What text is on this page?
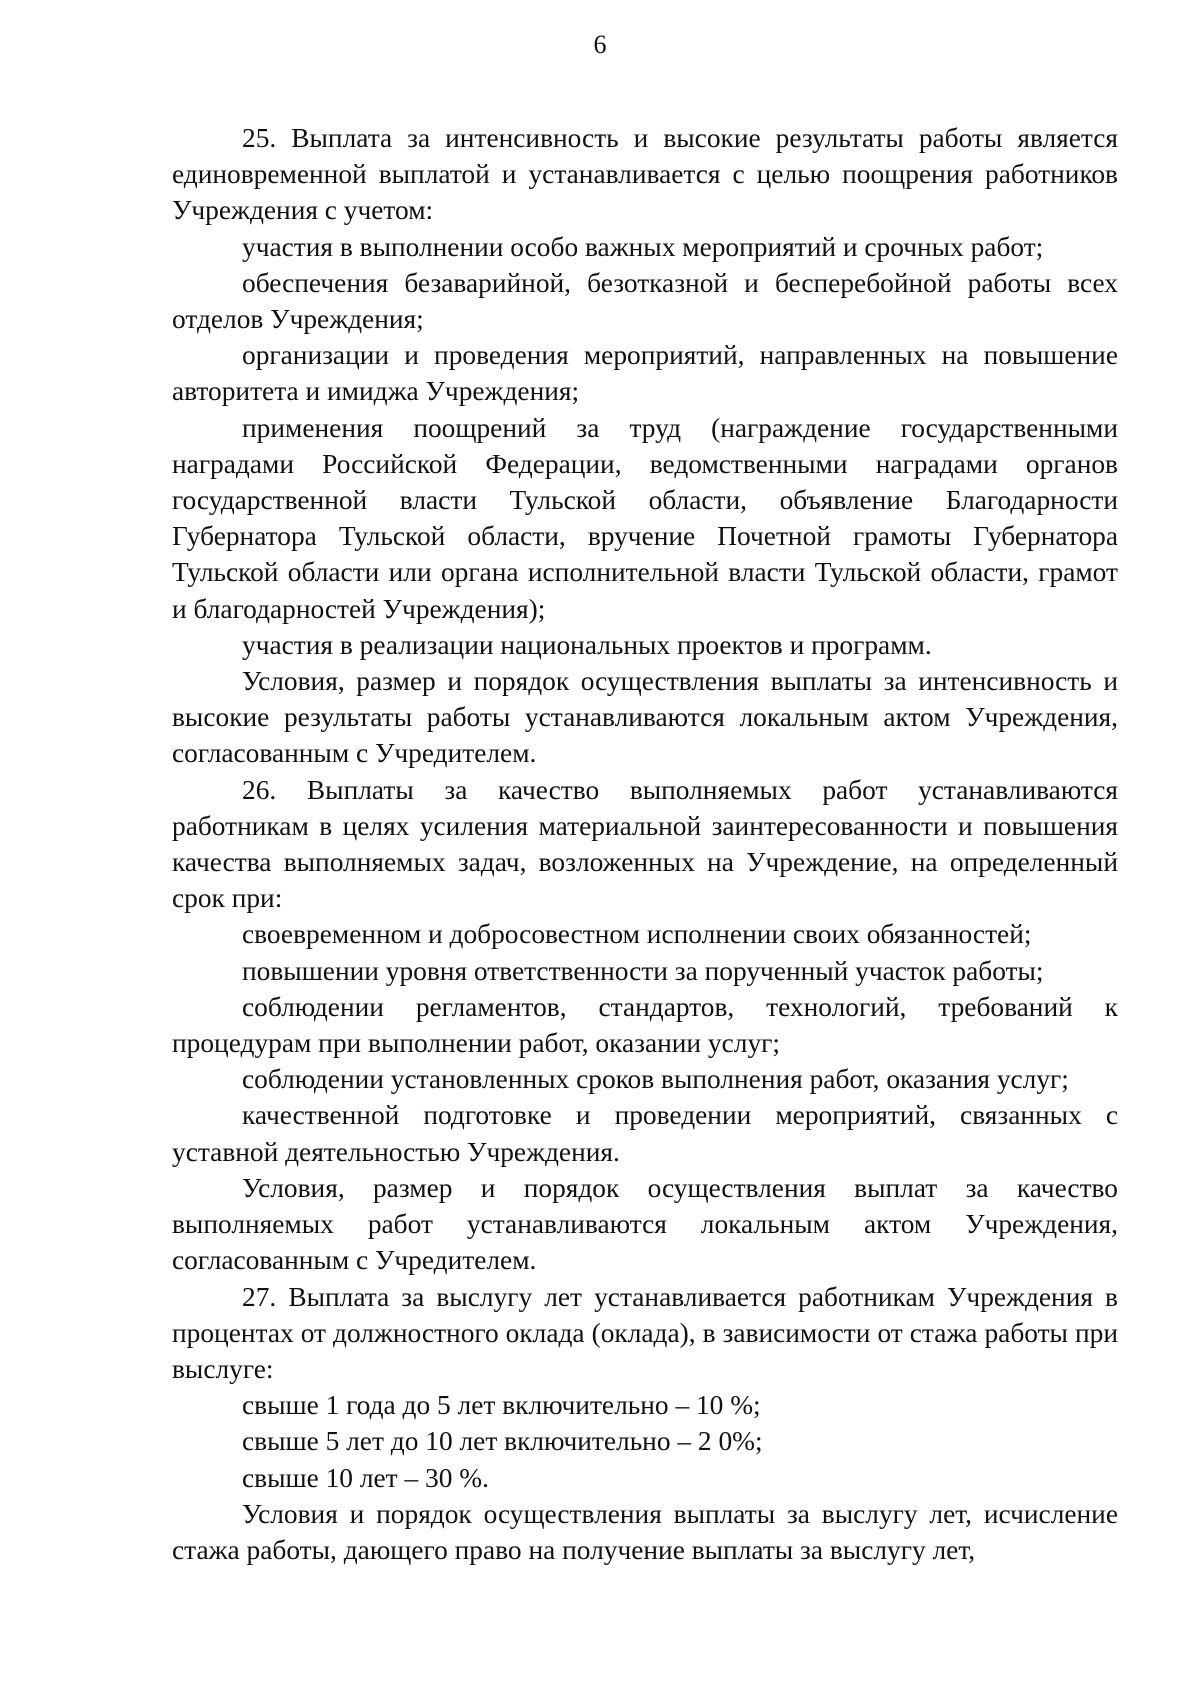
6

25. Выплата за интенсивность и высокие результаты работы является единовременной выплатой и устанавливается с целью поощрения работников Учреждения с учетом:

участия в выполнении особо важных мероприятий и срочных работ;

обеспечения безаварийной, безотказной и бесперебойной работы всех отделов Учреждения;

организации и проведения мероприятий, направленных на повышение авторитета и имиджа Учреждения;

применения поощрений за труд (награждение государственными наградами Российской Федерации, ведомственными наградами органов государственной власти Тульской области, объявление Благодарности Губернатора Тульской области, вручение Почетной грамоты Губернатора Тульской области или органа исполнительной власти Тульской области, грамот и благодарностей Учреждения);

участия в реализации национальных проектов и программ.

Условия, размер и порядок осуществления выплаты за интенсивность и высокие результаты работы устанавливаются локальным актом Учреждения, согласованным с Учредителем.

26. Выплаты за качество выполняемых работ устанавливаются работникам в целях усиления материальной заинтересованности и повышения качества выполняемых задач, возложенных на Учреждение, на определенный срок при:

своевременном и добросовестном исполнении своих обязанностей;

повышении уровня ответственности за порученный участок работы;

соблюдении регламентов, стандартов, технологий, требований к процедурам при выполнении работ, оказании услуг;

соблюдении установленных сроков выполнения работ, оказания услуг;

качественной подготовке и проведении мероприятий, связанных с уставной деятельностью Учреждения.

Условия, размер и порядок осуществления выплат за качество выполняемых работ устанавливаются локальным актом Учреждения, согласованным с Учредителем.

27. Выплата за выслугу лет устанавливается работникам Учреждения в процентах от должностного оклада (оклада), в зависимости от стажа работы при выслуге:

свыше 1 года до 5 лет включительно – 10 %;

свыше 5 лет до 10 лет включительно – 2 0%;

свыше 10 лет – 30 %.

Условия и порядок осуществления выплаты за выслугу лет, исчисление стажа работы, дающего право на получение выплаты за выслугу лет,
